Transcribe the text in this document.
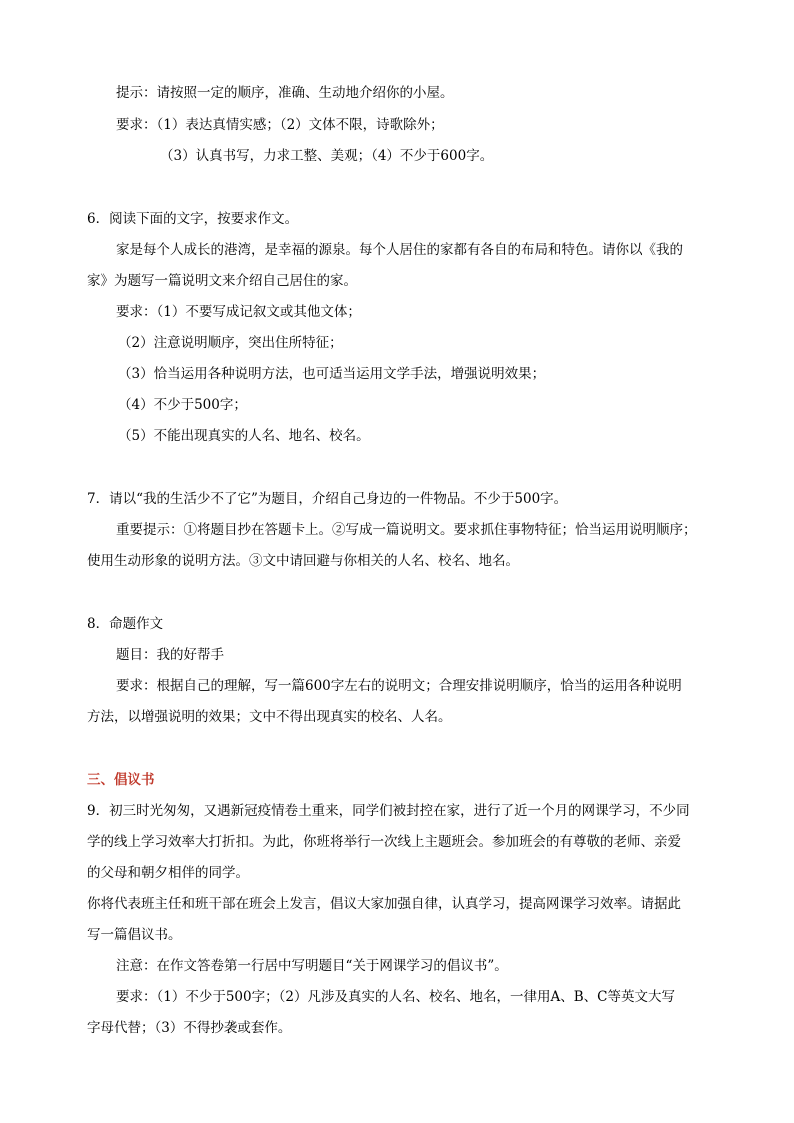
提示：请按照一定的顺序，准确、生动地介绍你的小屋。
要求：（1）表达真情实感；（2）文体不限，诗歌除外；
（3）认真书写，力求工整、美观；（4）不少于600字。
6．阅读下面的文字，按要求作文。
家是每个人成长的港湾，是幸福的源泉。每个人居住的家都有各自的布局和特色。请你以《我的
家》为题写一篇说明文来介绍自己居住的家。
要求：（1）不要写成记叙文或其他文体；
（2）注意说明顺序，突出住所特征；
（3）恰当运用各种说明方法，也可适当运用文学手法，增强说明效果；
（4）不少于500字；
（5）不能出现真实的人名、地名、校名。
7．请以“我的生活少不了它”为题目，介绍自己身边的一件物品。不少于500字。
重要提示：①将题目抄在答题卡上。②写成一篇说明文。要求抓住事物特征；恰当运用说明顺序；
使用生动形象的说明方法。③文中请回避与你相关的人名、校名、地名。
8．命题作文
题目：我的好帮手
要求：根据自己的理解，写一篇600字左右的说明文；合理安排说明顺序，恰当的运用各种说明
方法，以增强说明的效果；文中不得出现真实的校名、人名。
三、倡议书
9．初三时光匆匆，又遇新冠疫情卷土重来，同学们被封控在家，进行了近一个月的网课学习，不少同
学的线上学习效率大打折扣。为此，你班将举行一次线上主题班会。参加班会的有尊敬的老师、亲爱
的父母和朝夕相伴的同学。
你将代表班主任和班干部在班会上发言，倡议大家加强自律，认真学习，提高网课学习效率。请据此
写一篇倡议书。
注意：在作文答卷第一行居中写明题目“关于网课学习的倡议书”。
要求：（1）不少于500字；（2）凡涉及真实的人名、校名、地名，一律用A、B、C等英文大写
字母代替；（3）不得抄袭或套作。
